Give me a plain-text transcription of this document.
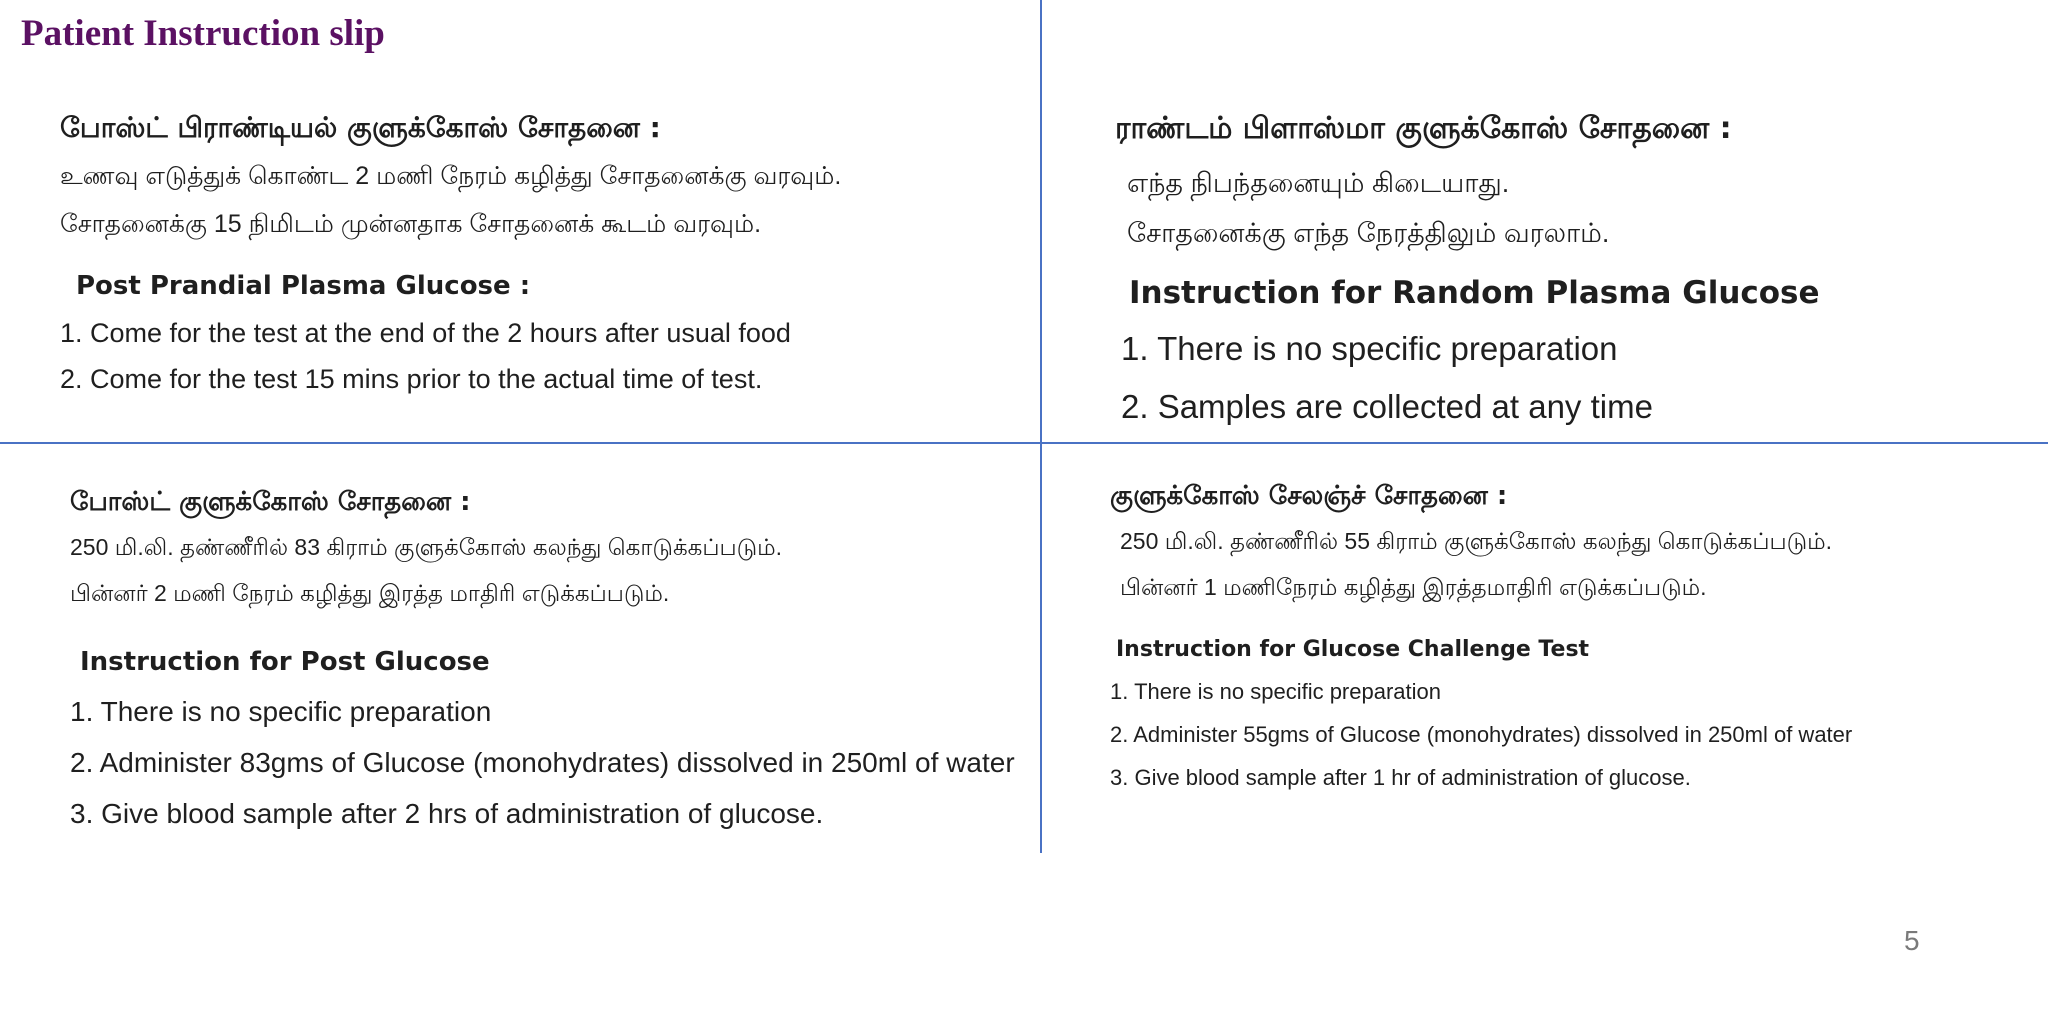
Patient Instruction slip

போஸ்ட் பிராண்டியல் குளுக்கோஸ் சோதனை :

உணவு எடுத்துக் கொண்ட 2 மணி நேரம் கழித்து சோதனைக்கு வரவும்.

சோதனைக்கு 15 நிமிடம் முன்னதாக சோதனைக் கூடம் வரவும்.

Post Prandial Plasma Glucose :

1. Come for the test at the end of the 2 hours after usual food

2. Come for the test 15 mins prior to the actual time of test.

ராண்டம் பிளாஸ்மா குளுக்கோஸ் சோதனை :

எந்த நிபந்தனையும் கிடையாது.

சோதனைக்கு எந்த நேரத்திலும் வரலாம்.

Instruction for Random Plasma Glucose

1. There is no specific preparation

2. Samples are collected at any time

போஸ்ட் குளுக்கோஸ் சோதனை :

250 மி.லி. தண்ணீரில் 83 கிராம் குளுக்கோஸ் கலந்து கொடுக்கப்படும்.

பின்னர் 2 மணி நேரம் கழித்து இரத்த மாதிரி எடுக்கப்படும்.

Instruction for Post Glucose

1. There is no specific preparation

2. Administer 83gms of Glucose (monohydrates) dissolved in 250ml of water

3. Give blood sample after 2 hrs of administration of glucose.

குளுக்கோஸ் சேலஞ்ச் சோதனை :

250 மி.லி. தண்ணீரில் 55 கிராம் குளுக்கோஸ் கலந்து கொடுக்கப்படும்.

பின்னர் 1 மணிநேரம் கழித்து இரத்தமாதிரி எடுக்கப்படும்.

Instruction for Glucose Challenge Test

1. There is no specific preparation

2. Administer 55gms of Glucose (monohydrates) dissolved in 250ml of water

3. Give blood sample after 1 hr of administration of glucose.

5
